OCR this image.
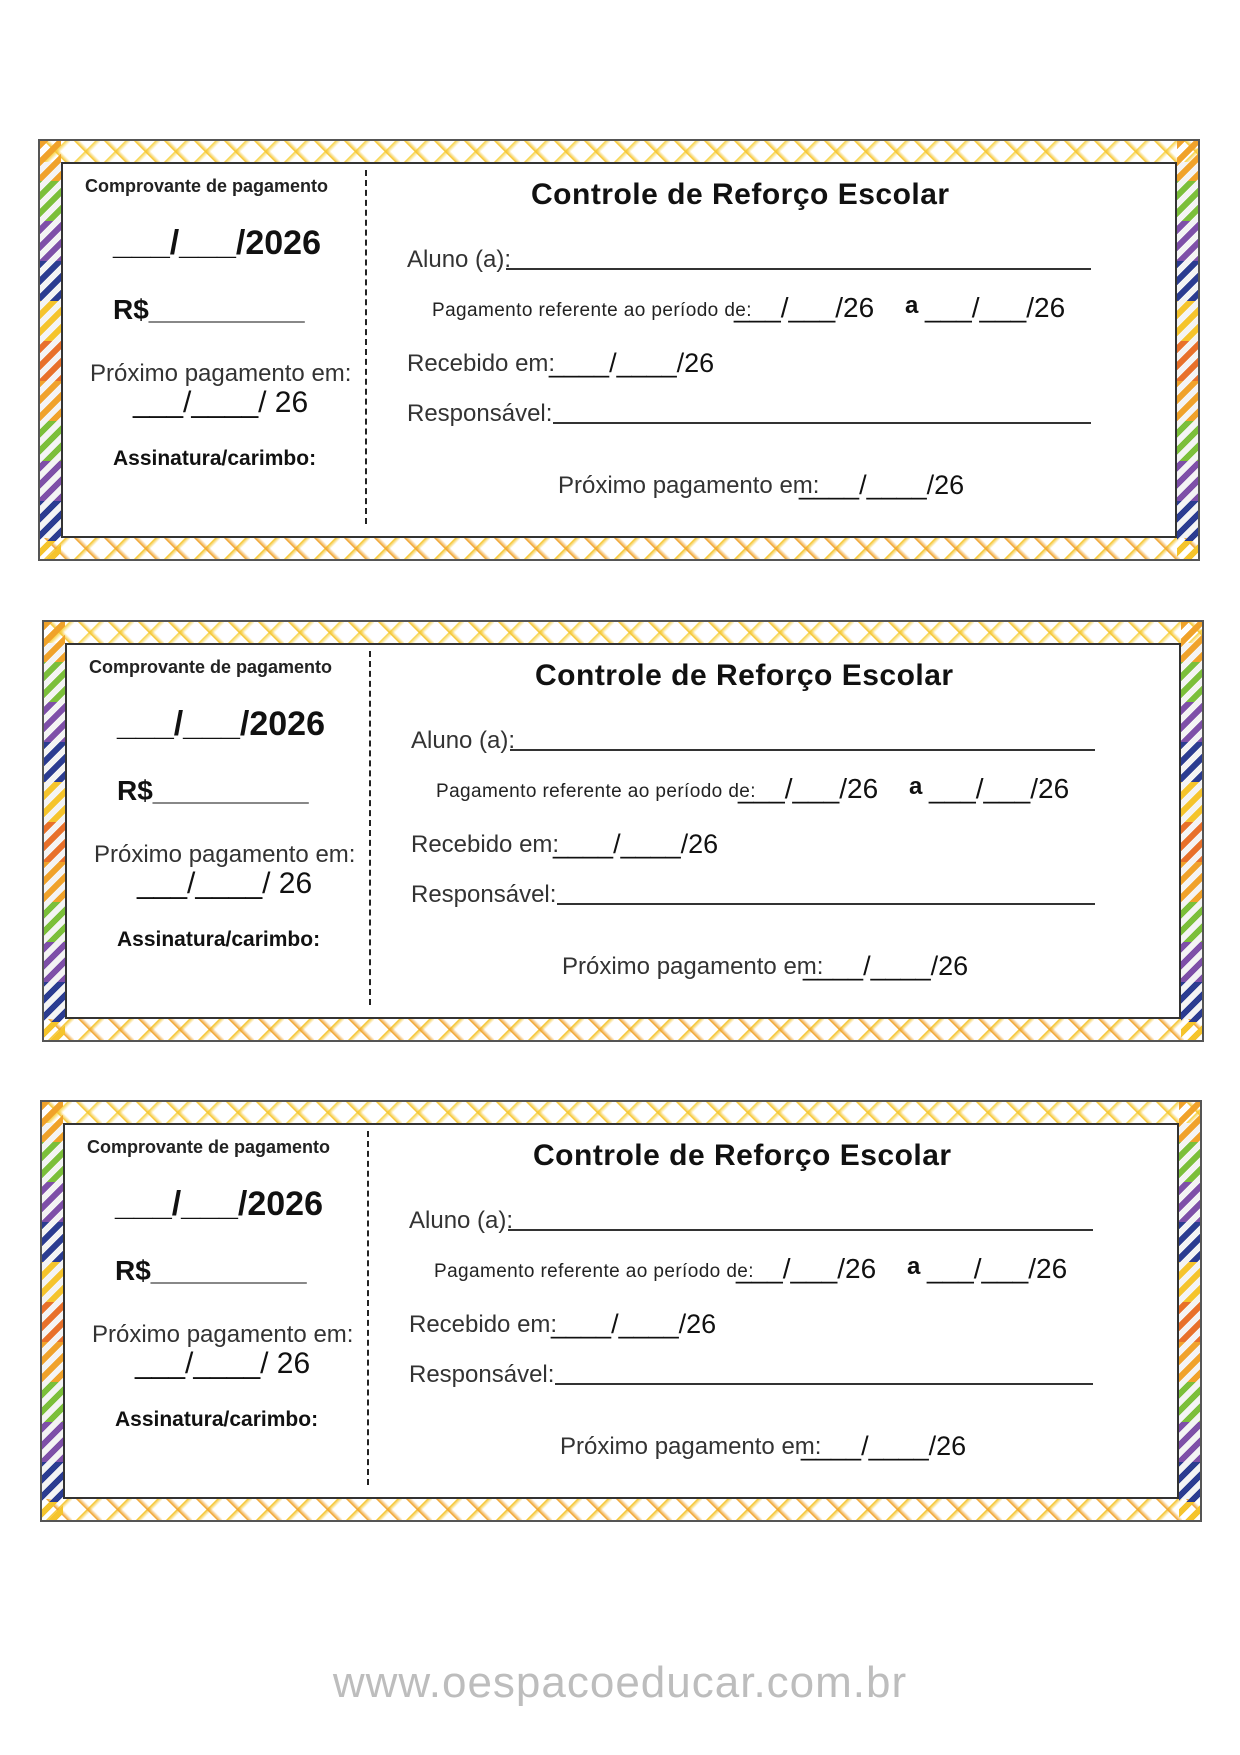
Comprovante de pagamento
___/___/2026
R$__________
Próximo pagamento em:
___/____/ 26
Assinatura/carimbo:
Controle de Reforço Escolar
Aluno (a):
Pagamento referente ao período de:
___/___/26 a ___/___/26
Recebido em:
____/____/26
Responsável:
Próximo pagamento em:
____/____/26
Comprovante de pagamento
___/___/2026
R$__________
Próximo pagamento em:
___/____/ 26
Assinatura/carimbo:
Controle de Reforço Escolar
Aluno (a):
Pagamento referente ao período de:
___/___/26 a ___/___/26
Recebido em:
____/____/26
Responsável:
Próximo pagamento em:
____/____/26
Comprovante de pagamento
___/___/2026
R$__________
Próximo pagamento em:
___/____/ 26
Assinatura/carimbo:
Controle de Reforço Escolar
Aluno (a):
Pagamento referente ao período de:
___/___/26 a ___/___/26
Recebido em:
____/____/26
Responsável:
Próximo pagamento em:
____/____/26
www.oespacoeducar.com.br
